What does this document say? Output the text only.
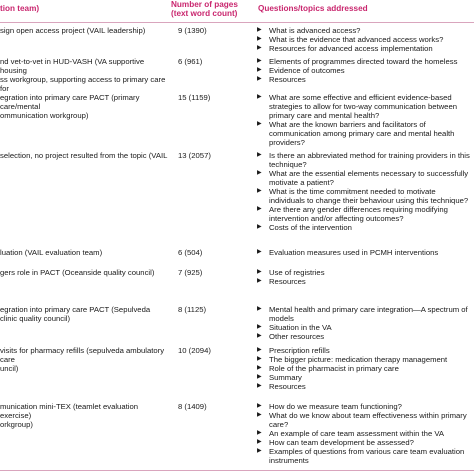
tion team)	Number of pages (text word count)
Questions/topics addressed
sign open access project (VAIL leadership)	9 (1390)	▶ What is advanced access?
▶ What is the evidence that advanced access works?
▶ Resources for advanced access implementation
nd vet-to-vet in HUD-VASH (VA supportive housing
ss workgroup, supporting access to primary care for
6 (961)	▶ Elements of programmes directed toward the homeless
▶ Evidence of outcomes
▶ Resources
egration into primary care PACT (primary care/mental
ommunication workgroup)
15 (1159)	▶ What are some effective and efficient evidence-based strategies to allow for two-way communication between primary care and mental health?
▶ What are the known barriers and facilitators of communication among primary care and mental health providers?
selection, no project resulted from the topic (VAIL 13 (2057)	▶ Is there an abbreviated method for training providers in this technique?
▶ What are the essential elements necessary to successfully motivate a patient?
▶ What is the time commitment needed to motivate individuals to change their behaviour using this technique?
▶ Are there any gender differences requiring modifying intervention and/or affecting outcomes?
▶ Costs of the intervention
luation (VAIL evaluation team)	6 (504)	▶ Evaluation measures used in PCMH interventions
gers role in PACT (Oceanside quality council)	7 (925)	▶ Use of registries
▶ Resources
egration into primary care PACT (Sepulveda
clinic quality council)
8 (1125)	▶ Mental health and primary care integration—A spectrum of models
▶ Situation in the VA
▶ Other resources
visits for pharmacy refills (sepulveda ambulatory care
uncil)
10 (2094)	▶ Prescription refills
▶ The bigger picture: medication therapy management
▶ Role of the pharmacist in primary care
▶ Summary
▶ Resources
munication mini-TEX (teamlet evaluation exercise)
orkgroup)
8 (1409)	▶ How do we measure team functioning?
▶ What do we know about team effectiveness within primary care?
▶ An example of care team assessment within the VA
▶ How can team development be assessed?
▶ Examples of questions from various care team evaluation instruments
